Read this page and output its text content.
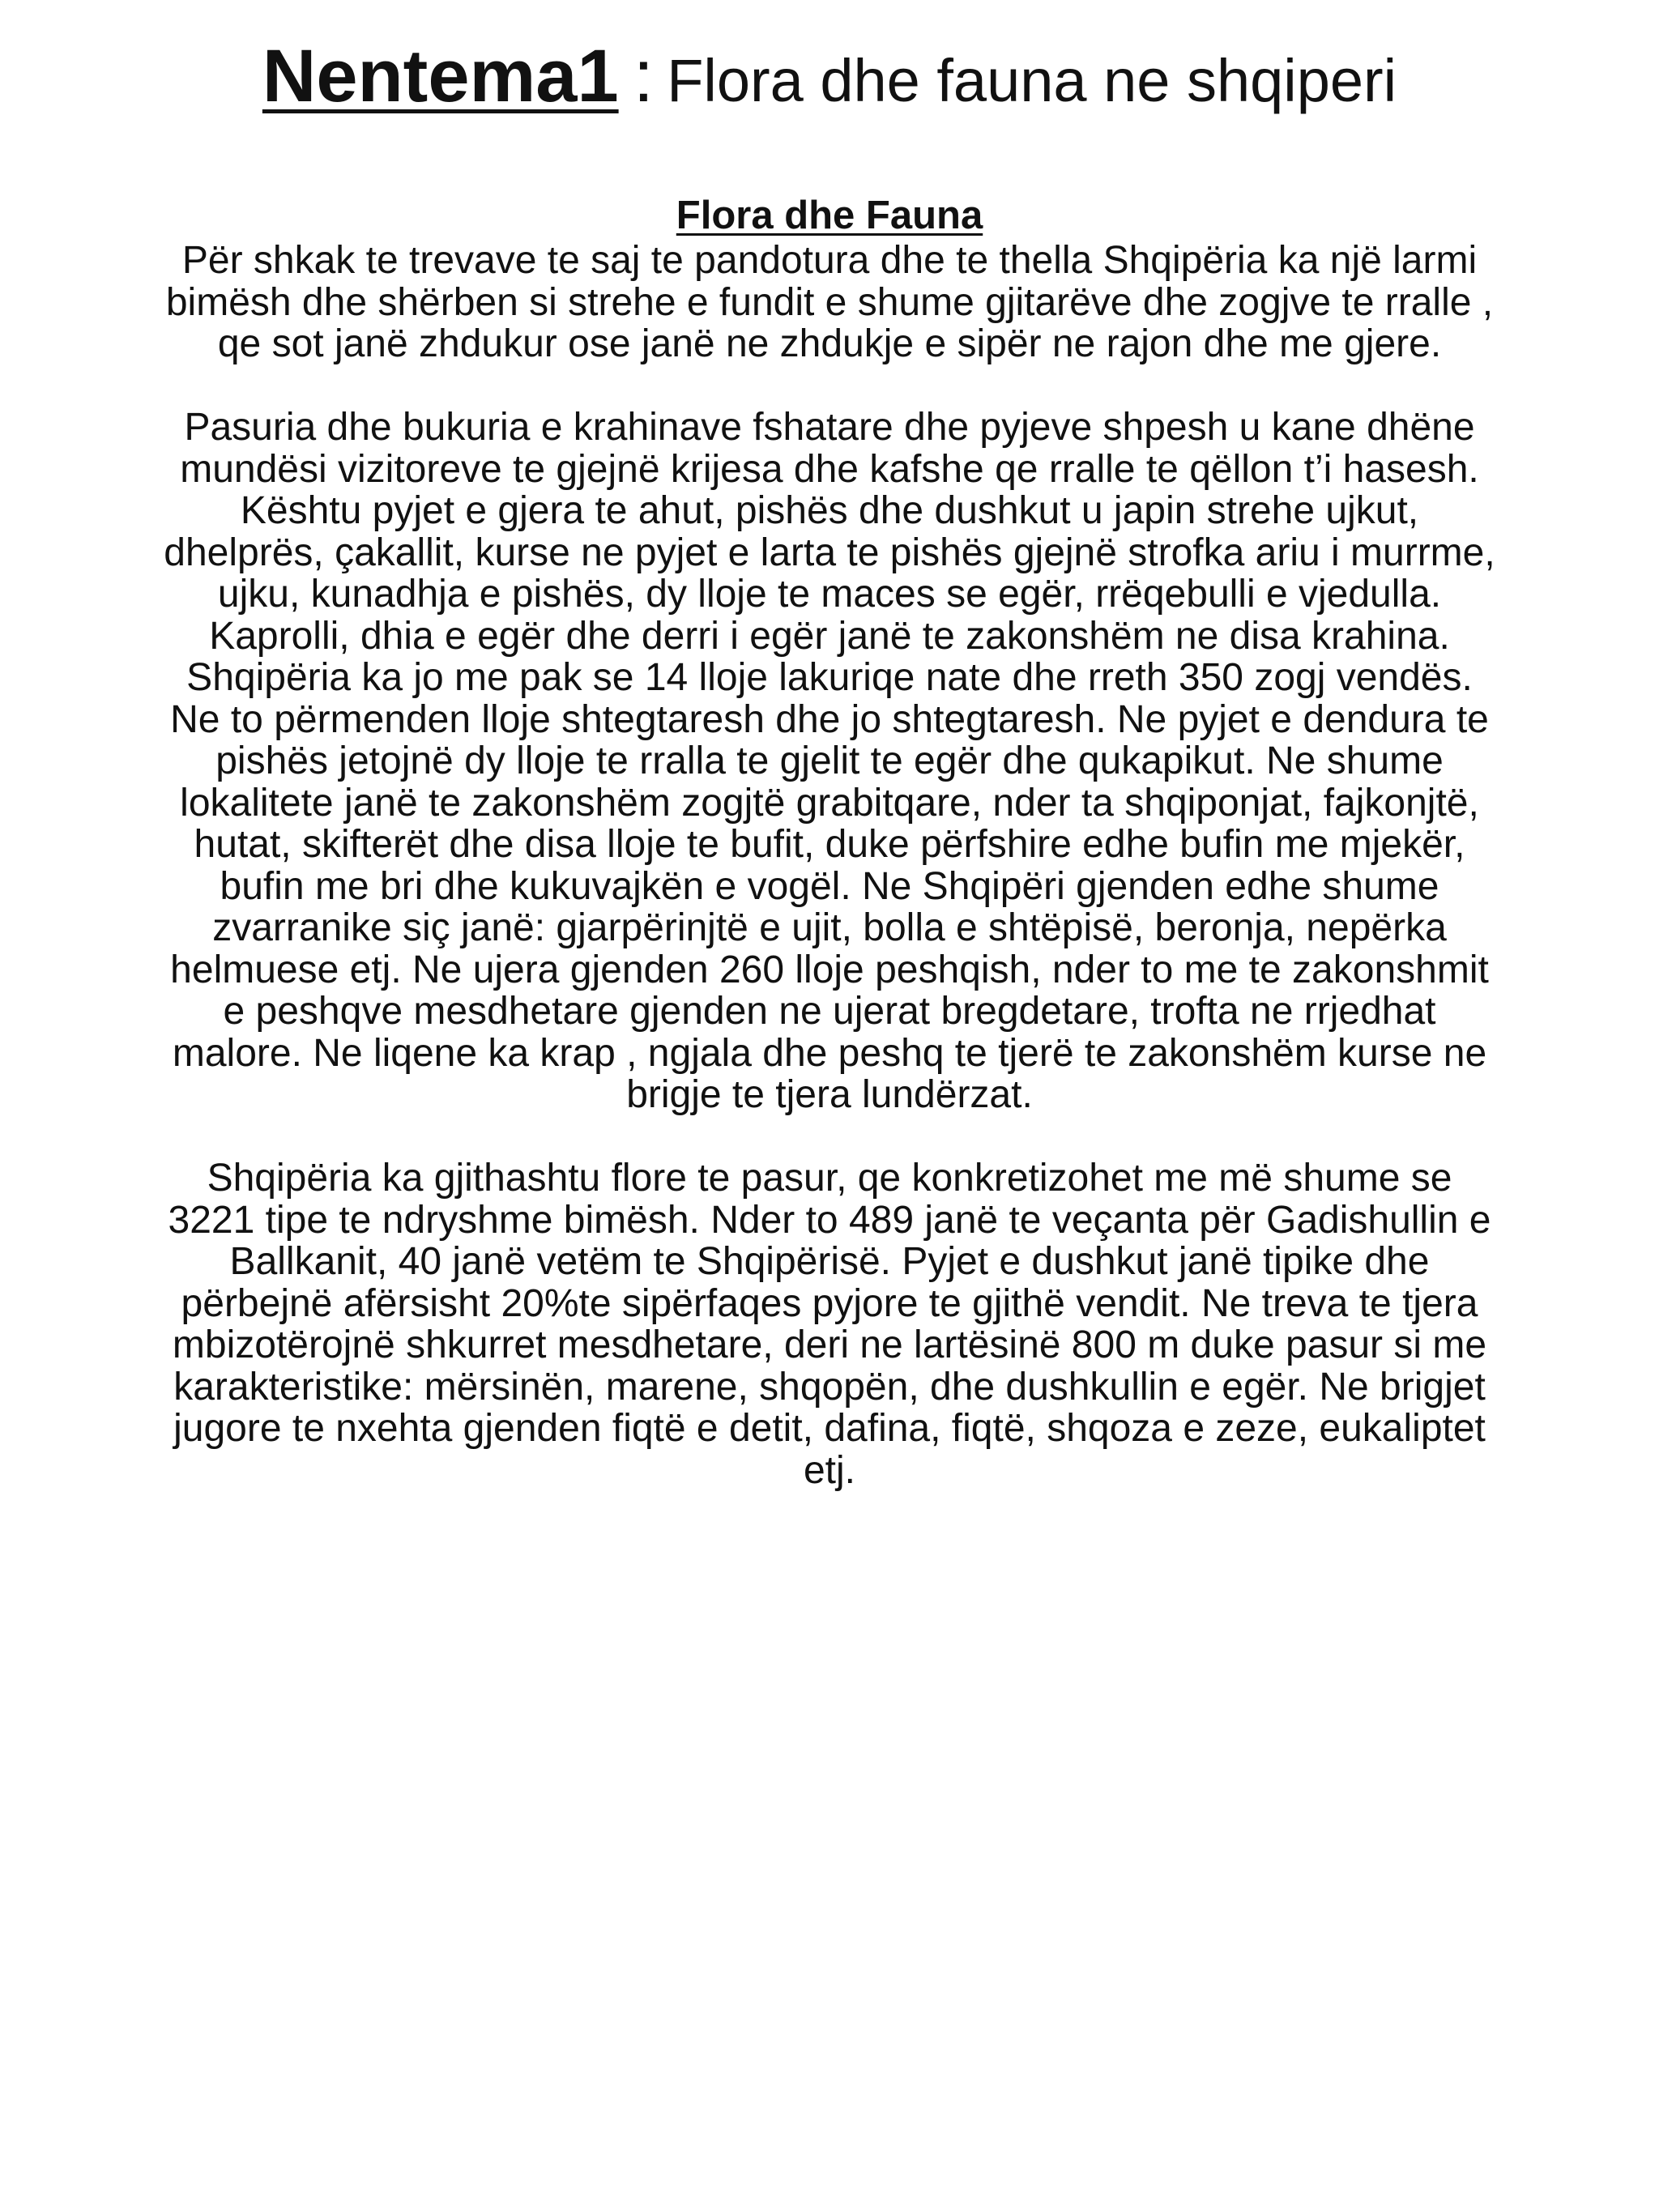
Nentema1 : Flora dhe fauna ne shqiperi

Flora dhe Fauna

Për shkak te trevave te saj te pandotura dhe te thella Shqipëria ka një larmi bimësh dhe shërben si strehe e fundit e shume gjitarëve dhe zogjve te rralle , qe sot janë zhdukur ose janë ne zhdukje e sipër ne rajon dhe me gjere.

Pasuria dhe bukuria e krahinave fshatare dhe pyjeve shpesh u kane dhëne mundësi vizitoreve te gjejnë krijesa dhe kafshe qe rralle te qëllon t’i hasesh. Kështu pyjet e gjera te ahut, pishës dhe dushkut u japin strehe ujkut, dhelprës, çakallit, kurse ne pyjet e larta te pishës gjejnë strofka ariu i murrme, ujku, kunadhja e pishës, dy lloje te maces se egër, rrëqebulli e vjedulla.

Kaprolli, dhia e egër dhe derri i egër janë te zakonshëm ne disa krahina.

Shqipëria ka jo me pak se 14 lloje lakuriqe nate dhe rreth 350 zogj vendës. Ne to përmenden lloje shtegtaresh dhe jo shtegtaresh. Ne pyjet e dendura te pishës jetojnë dy lloje te rralla te gjelit te egër dhe qukapikut. Ne shume lokalitete janë te zakonshëm zogjtë grabitqare, nder ta shqiponjat, fajkonjtë, hutat, skifterët dhe disa lloje te bufit, duke përfshire edhe bufin me mjekër, bufin me bri dhe kukuvajkën e vogël. Ne Shqipëri gjenden edhe shume zvarranike siç janë: gjarpërinjtë e ujit, bolla e shtëpisë, beronja, nepërka helmuese etj. Ne ujera gjenden 260 lloje peshqish, nder to me te zakonshmit e peshqve mesdhetare gjenden ne ujerat bregdetare, trofta ne rrjedhat malore. Ne liqene ka krap , ngjala dhe peshq te tjerë te zakonshëm kurse ne brigje te tjera lundërzat.

Shqipëria ka gjithashtu flore te pasur, qe konkretizohet me më shume se 3221 tipe te ndryshme bimësh. Nder to 489 janë te veçanta për Gadishullin e Ballkanit, 40 janë vetëm te Shqipërisë. Pyjet e dushkut janë tipike dhe përbejnë afërsisht 20%te sipërfaqes pyjore te gjithë vendit. Ne treva te tjera mbizotërojnë shkurret mesdhetare, deri ne lartësinë 800 m duke pasur si me karakteristike: mërsinën, marene, shqopën, dhe dushkullin e egër. Ne brigjet jugore te nxehta gjenden fiqtë e detit, dafina, fiqtë, shqoza e zeze, eukaliptet etj.
